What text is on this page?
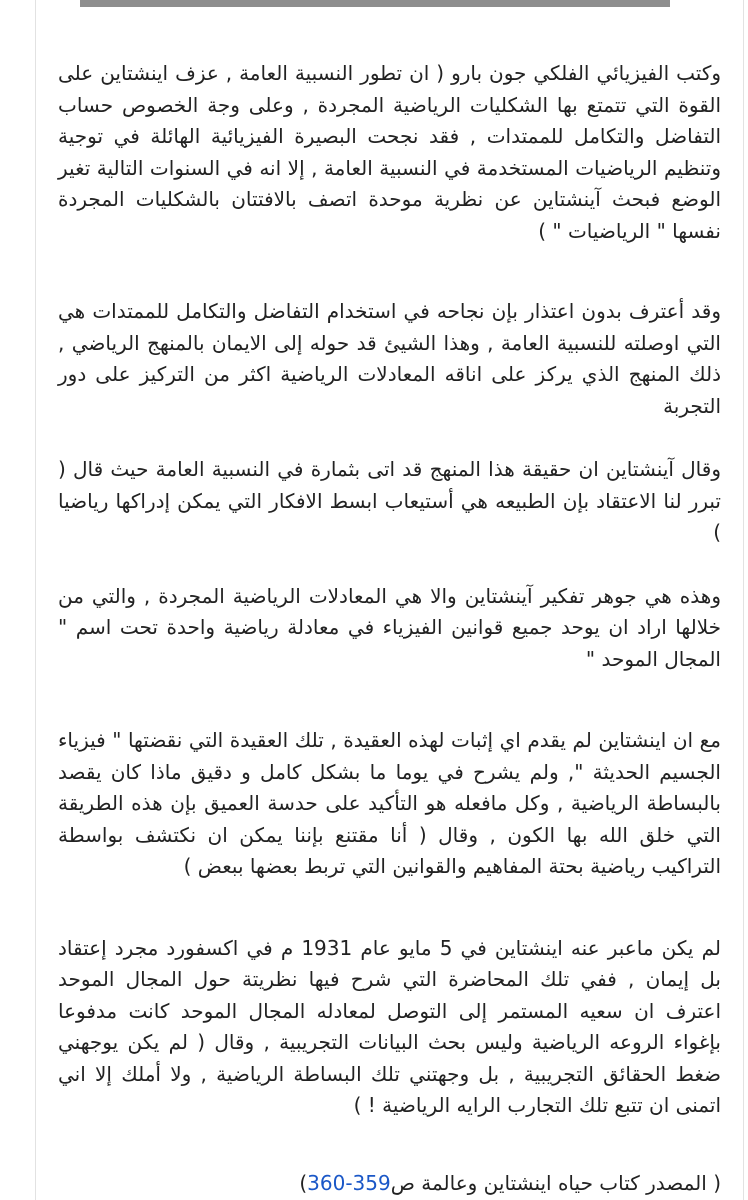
وكتب الفيزيائي الفلكي جون بارو ( ان تطور النسبية العامة , عزف اينشتاين على القوة التي تتمتع بها الشكليات الرياضية المجردة , وعلى وجة الخصوص حساب التفاضل والتكامل للممتدات , فقد نجحت البصيرة الفيزيائية الهائلة في توجية وتنظيم الرياضيات المستخدمة في النسبية العامة , إلا انه في السنوات التالية تغير الوضع فبحث آينشتاين عن نظرية موحدة اتصف بالافتتان بالشكليات المجردة نفسها " الرياضيات " )

وقد أعترف بدون اعتذار بإن نجاحه في استخدام التفاضل والتكامل للممتدات هي التي اوصلته للنسبية العامة , وهذا الشيئ قد حوله إلى الايمان بالمنهج الرياضي , ذلك المنهج الذي يركز على اناقه المعادلات الرياضية اكثر من التركيز على دور التجربة

وقال آينشتاين ان حقيقة هذا المنهج قد اتى بثمارة في النسبية العامة حيث قال ( تبرر لنا الاعتقاد بإن الطبيعه هي أستيعاب ابسط الافكار التي يمكن إدراكها رياضيا )

وهذه هي جوهر تفكير آينشتاين والا هي المعادلات الرياضية المجردة , والتي من خلالها اراد ان يوحد جميع قوانين الفيزياء في معادلة رياضية واحدة تحت اسم " المجال الموحد "

مع ان اينشتاين لم يقدم اي إثبات لهذه العقيدة , تلك العقيدة التي نقضتها " فيزياء الجسيم الحديثة ", ولم يشرح في يوما ما بشكل كامل و دقيق ماذا كان يقصد بالبساطة الرياضية , وكل مافعله هو التأكيد على حدسة العميق بإن هذه الطريقة التي خلق الله بها الكون , وقال ( أنا مقتنع بإننا يمكن ان نكتشف بواسطة التراكيب رياضية بحتة المفاهيم والقوانين التي تربط بعضها ببعض )

لم يكن ماعبر عنه اينشتاين في 5 مايو عام 1931 م في اكسفورد مجرد إعتقاد بل إيمان , ففي تلك المحاضرة التي شرح فيها نظريتة حول المجال الموحد اعترف ان سعيه المستمر إلى التوصل لمعادله المجال الموحد كانت مدفوعا بإغواء الروعه الرياضية وليس بحث البيانات التجريبية , وقال ( لم يكن يوجهني ضغط الحقائق التجريبية , بل وجهتني تلك البساطة الرياضية , ولا أملك إلا اني اتمنى ان تتبع تلك التجارب الرايه الرياضية ! )

( المصدر كتاب حياه اينشتاين وعالمة ص359-360)
